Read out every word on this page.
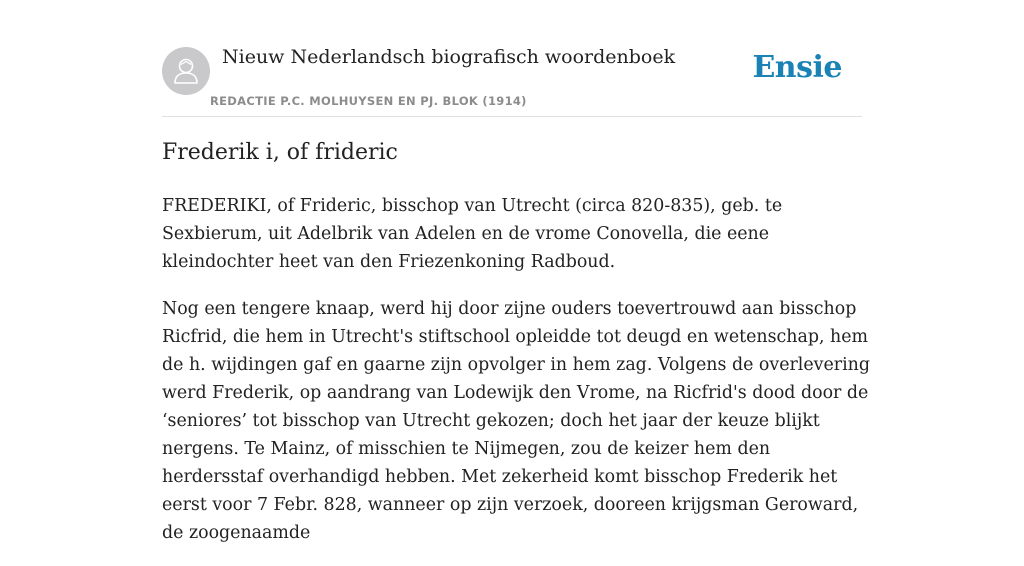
Nieuw Nederlandsch biografisch woordenboek
REDACTIE P.C. MOLHUYSEN EN PJ. BLOK (1914)
Ensie
Frederik i, of frideric

FREDERIKI, of Frideric, bisschop van Utrecht (circa 820-835), geb. te Sexbierum, uit Adelbrik van Adelen en de vrome Conovella, die eene kleindochter heet van den Friezenkoning Radboud.

Nog een tengere knaap, werd hij door zijne ouders toevertrouwd aan bisschop Ricfrid, die hem in Utrecht's stiftschool opleidde tot deugd en wetenschap, hem de h. wijdingen gaf en gaarne zijn opvolger in hem zag. Volgens de overlevering werd Frederik, op aandrang van Lodewijk den Vrome, na Ricfrid's dood door de ‘seniores’ tot bisschop van Utrecht gekozen; doch het jaar der keuze blijkt nergens. Te Mainz, of misschien te Nijmegen, zou de keizer hem den herdersstaf overhandigd hebben. Met zekerheid komt bisschop Frederik het eerst voor 7 Febr. 828, wanneer op zijn verzoek, dooreen krijgsman Geroward, de zoogenaamde
